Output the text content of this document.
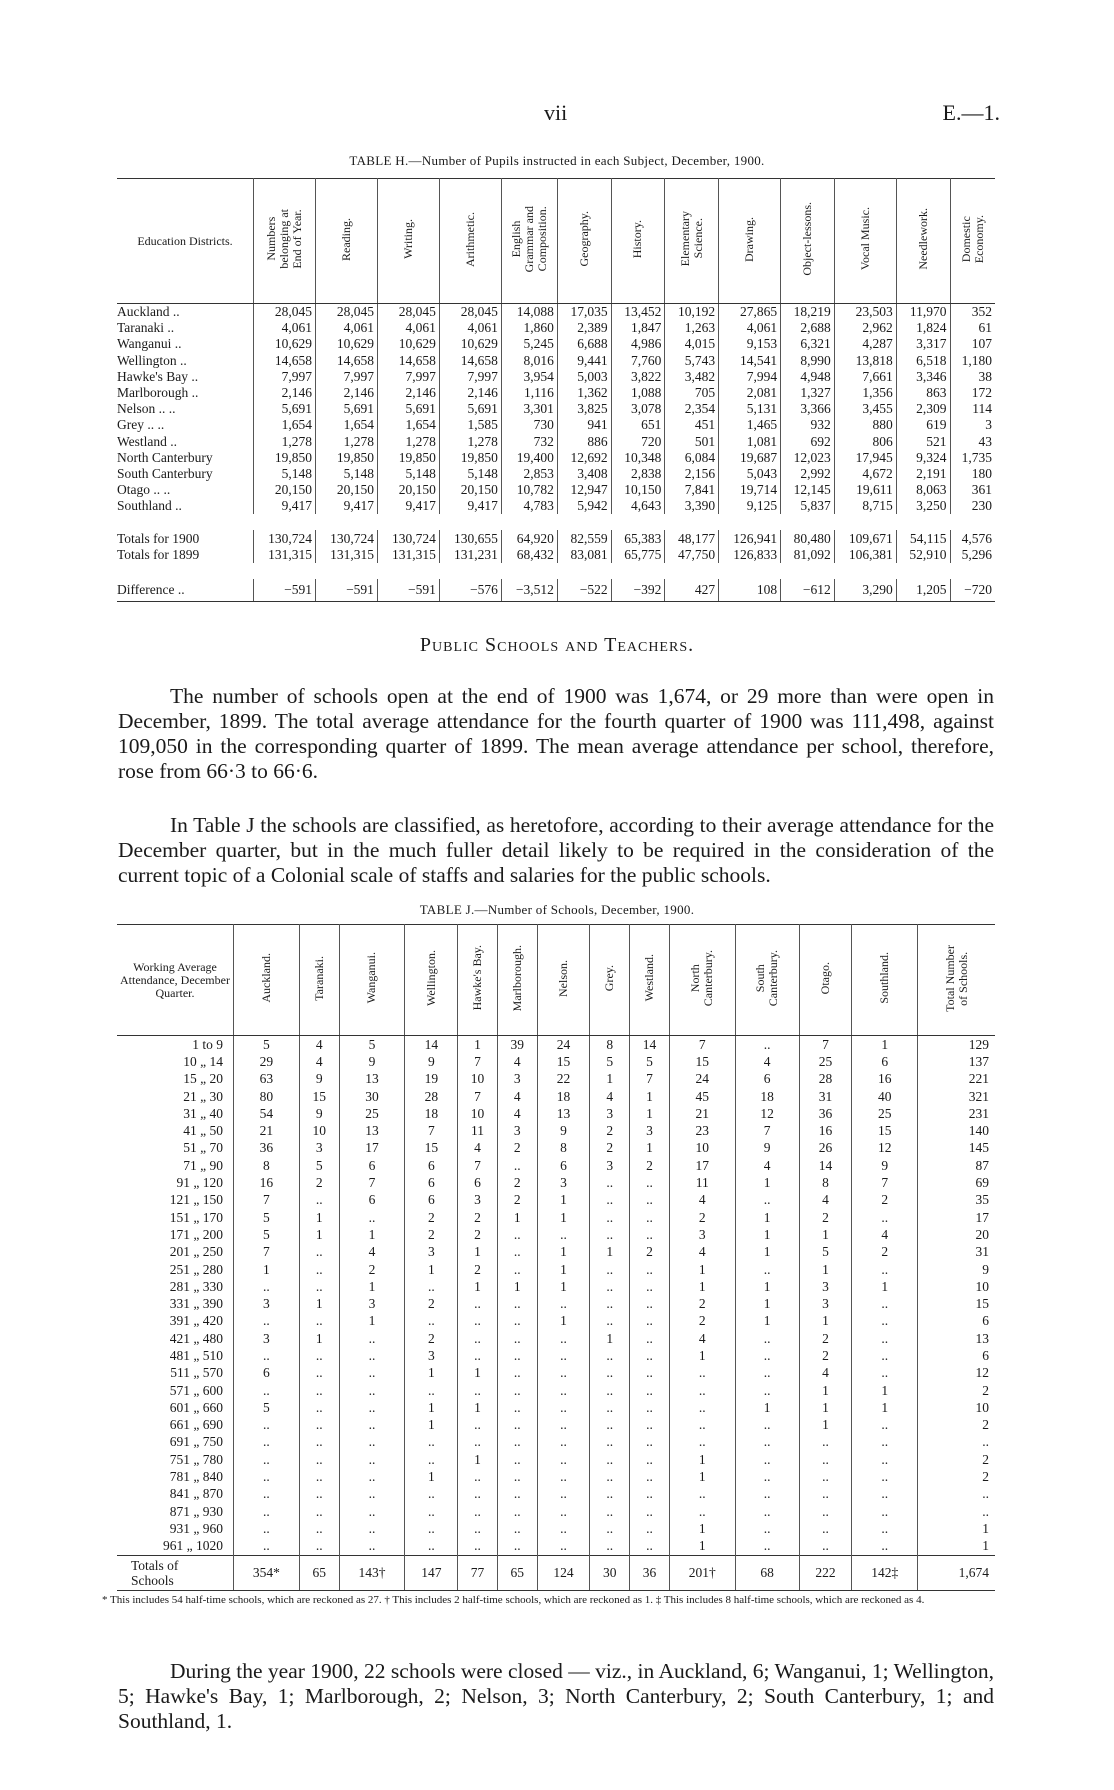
vii	E.—1.
TABLE H.—Number of Pupils instructed in each Subject, December, 1900.
Education Districts.	Numbers
belonging at
End of Year.	Reading.	Writing.	Arithmetic.	English
Grammar and
Composition.	Geography.	History.	Elementary
Science.	Drawing.	Object-lessons.	Vocal Music.	Needlework.	Domestic
Economy.
Auckland ..	28,045	28,045	28,045	28,045	14,088	17,035	13,452	10,192	27,865	18,219	23,503	11,970	352
Taranaki ..	4,061	4,061	4,061	4,061	1,860	2,389	1,847	1,263	4,061	2,688	2,962	1,824	61
Wanganui ..	10,629	10,629	10,629	10,629	5,245	6,688	4,986	4,015	9,153	6,321	4,287	3,317	107
Wellington ..	14,658	14,658	14,658	14,658	8,016	9,441	7,760	5,743	14,541	8,990	13,818	6,518	1,180
Hawke's Bay ..	7,997	7,997	7,997	7,997	3,954	5,003	3,822	3,482	7,994	4,948	7,661	3,346	38
Marlborough ..	2,146	2,146	2,146	2,146	1,116	1,362	1,088	705	2,081	1,327	1,356	863	172
Nelson .. ..	5,691	5,691	5,691	5,691	3,301	3,825	3,078	2,354	5,131	3,366	3,455	2,309	114
Grey .. ..	1,654	1,654	1,654	1,585	730	941	651	451	1,465	932	880	619	3
Westland ..	1,278	1,278	1,278	1,278	732	886	720	501	1,081	692	806	521	43
North Canterbury	19,850	19,850	19,850	19,850	19,400	12,692	10,348	6,084	19,687	12,023	17,945	9,324	1,735
South Canterbury	5,148	5,148	5,148	5,148	2,853	3,408	2,838	2,156	5,043	2,992	4,672	2,191	180
Otago .. ..	20,150	20,150	20,150	20,150	10,782	12,947	10,150	7,841	19,714	12,145	19,611	8,063	361
Southland ..	9,417	9,417	9,417	9,417	4,783	5,942	4,643	3,390	9,125	5,837	8,715	3,250	230

Totals for 1900	130,724	130,724	130,724	130,655	64,920	82,559	65,383	48,177	126,941	80,480	109,671	54,115	4,576
Totals for 1899	131,315	131,315	131,315	131,231	68,432	83,081	65,775	47,750	126,833	81,092	106,381	52,910	5,296

Difference ..	−591	−591	−591	−576	−3,512	−522	−392	427	108	−612	3,290	1,205	−720
Public Schools and Teachers.

The number of schools open at the end of 1900 was 1,674, or 29 more than were open in December, 1899. The total average attendance for the fourth quarter of 1900 was 111,498, against 109,050 in the corresponding quarter of 1899. The mean average attendance per school, therefore, rose from 66·3 to 66·6.

In Table J the schools are classified, as heretofore, according to their average attendance for the December quarter, but in the much fuller detail likely to be required in the consideration of the current topic of a Colonial scale of staffs and salaries for the public schools.

TABLE J.—Number of Schools, December, 1900.
Working Average Attendance, December Quarter.	Auckland.	Taranaki.	Wanganui.	Wellington.	Hawke's Bay.	Marlborough.	Nelson.	Grey.	Westland.	North
Canterbury.	South
Canterbury.	Otago.	Southland.	Total Number
of Schools.
1 to 9	5	4	5	14	1	39	24	8	14	7	..	7	1	129
10 „ 14	29	4	9	9	7	4	15	5	5	15	4	25	6	137
15 „ 20	63	9	13	19	10	3	22	1	7	24	6	28	16	221
21 „ 30	80	15	30	28	7	4	18	4	1	45	18	31	40	321
31 „ 40	54	9	25	18	10	4	13	3	1	21	12	36	25	231
41 „ 50	21	10	13	7	11	3	9	2	3	23	7	16	15	140
51 „ 70	36	3	17	15	4	2	8	2	1	10	9	26	12	145
71 „ 90	8	5	6	6	7	..	6	3	2	17	4	14	9	87
91 „ 120	16	2	7	6	6	2	3	..	..	11	1	8	7	69
121 „ 150	7	..	6	6	3	2	1	..	..	4	..	4	2	35
151 „ 170	5	1	..	2	2	1	1	..	..	2	1	2	..	17
171 „ 200	5	1	1	2	2	..	..	..	..	3	1	1	4	20
201 „ 250	7	..	4	3	1	..	1	1	2	4	1	5	2	31
251 „ 280	1	..	2	1	2	..	1	..	..	1	..	1	..	9
281 „ 330	..	..	1	..	1	1	1	..	..	1	1	3	1	10
331 „ 390	3	1	3	2	..	..	..	..	..	2	1	3	..	15
391 „ 420	..	..	1	..	..	..	1	..	..	2	1	1	..	6
421 „ 480	3	1	..	2	..	..	..	1	..	4	..	2	..	13
481 „ 510	..	..	..	3	..	..	..	..	..	1	..	2	..	6
511 „ 570	6	..	..	1	1	..	..	..	..	..	..	4	..	12
571 „ 600	..	..	..	..	..	..	..	..	..	..	..	1	1	2
601 „ 660	5	..	..	1	1	..	..	..	..	..	1	1	1	10
661 „ 690	..	..	..	1	..	..	..	..	..	..	..	1	..	2
691 „ 750	..	..	..	..	..	..	..	..	..	..	..	..	..	..
751 „ 780	..	..	..	..	1	..	..	..	..	1	..	..	..	2
781 „ 840	..	..	..	1	..	..	..	..	..	1	..	..	..	2
841 „ 870	..	..	..	..	..	..	..	..	..	..	..	..	..	..
871 „ 930	..	..	..	..	..	..	..	..	..	..	..	..	..	..
931 „ 960	..	..	..	..	..	..	..	..	..	1	..	..	..	1
961 „ 1020	..	..	..	..	..	..	..	..	..	1	..	..	..	1
Totals of Schools	354*	65	143†	147	77	65	124	30	36	201†	68	222	142‡	1,674
* This includes 54 half-time schools, which are reckoned as 27. † This includes 2 half-time schools, which are reckoned as 1. ‡ This includes 8 half-time schools, which are reckoned as 4.

During the year 1900, 22 schools were closed — viz., in Auckland, 6; Wanganui, 1; Wellington, 5; Hawke's Bay, 1; Marlborough, 2; Nelson, 3; North Canterbury, 2; South Canterbury, 1; and Southland, 1.
